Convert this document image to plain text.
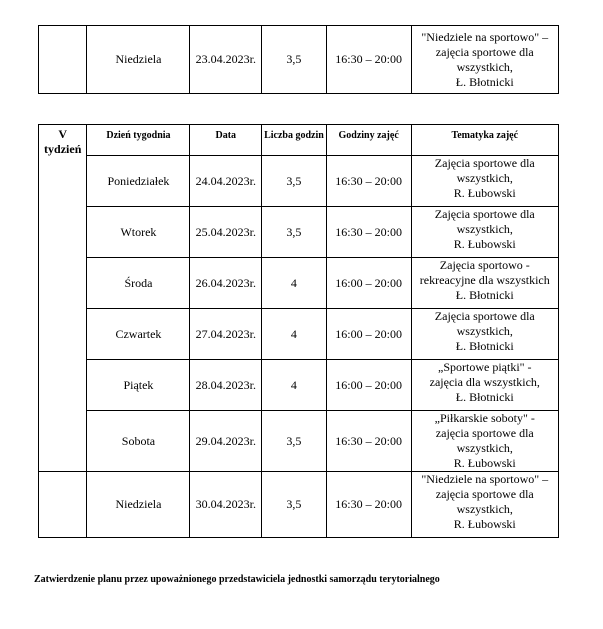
	Niedziela	23.04.2023r.	3,5	16:30 – 20:00	
"Niedziele na sportowo" –
zajęcia sportowe dla
wszystkich,
Ł. Błotnicki
V
tydzień	Dzień tygodnia	Data	Liczba godzin	Godziny zajęć	Tematyka zajęć
	Poniedziałek	24.04.2023r.	3,5	16:30 – 20:00	Zajęcia sportowe dla
wszystkich,
R. Łubowski

	Wtorek	25.04.2023r.	3,5	16:30 – 20:00	Zajęcia sportowe dla
wszystkich,
R. Łubowski

	Środa	26.04.2023r.	4	16:00 – 20:00	Zajęcia sportowo -
rekreacyjne dla wszystkich
Ł. Błotnicki

	Czwartek	27.04.2023r.	4	16:00 – 20:00	Zajęcia sportowe dla
wszystkich,
Ł. Błotnicki

	Piątek	28.04.2023r.	4	16:00 – 20:00	„Sportowe piątki" -
zajęcia dla wszystkich,
Ł. Błotnicki

	Sobota	29.04.2023r.	3,5	16:30 – 20:00	„Piłkarskie soboty" -
zajęcia sportowe dla
wszystkich,
R. Łubowski

	Niedziela	30.04.2023r.	3,5	16:30 – 20:00	"Niedziele na sportowo" –
zajęcia sportowe dla
wszystkich,
R. Łubowski
Zatwierdzenie planu przez upoważnionego przedstawiciela jednostki samorządu terytorialnego
